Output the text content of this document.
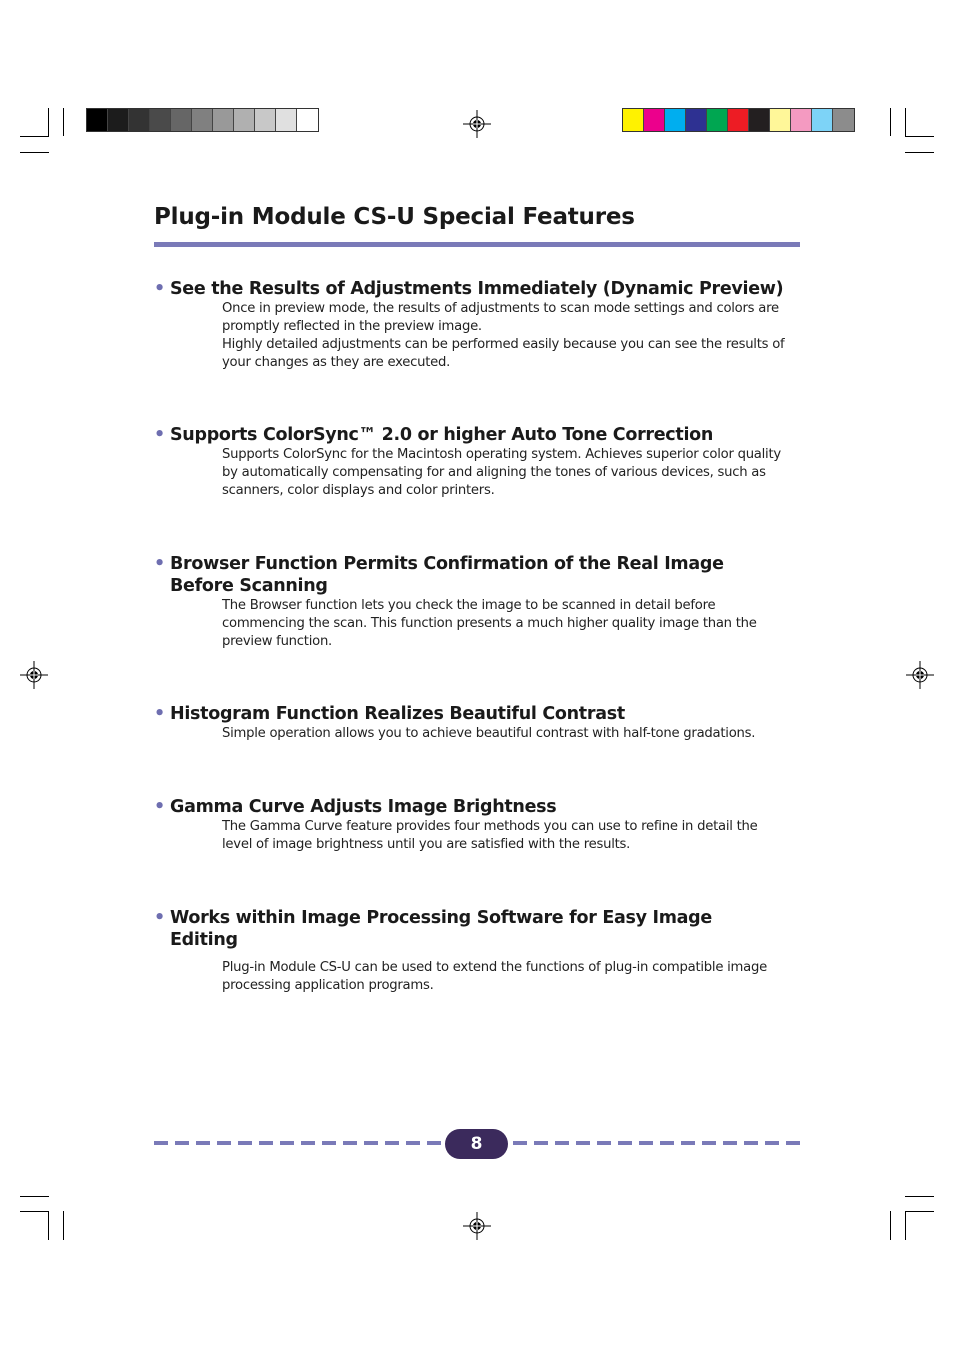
Plug-in Module CS-U Special Features
• See the Results of Adjustments Immediately (Dynamic Preview)

Once in preview mode, the results of adjustments to scan mode settings and colors are
promptly reflected in the preview image.
Highly detailed adjustments can be performed easily because you can see the results of
your changes as they are executed.

• Supports ColorSync™ 2.0 or higher Auto Tone Correction

Supports ColorSync for the Macintosh operating system. Achieves superior color quality
by automatically compensating for and aligning the tones of various devices, such as
scanners, color displays and color printers.

• Browser Function Permits Confirmation of the Real Image
Before Scanning

The Browser function lets you check the image to be scanned in detail before
commencing the scan. This function presents a much higher quality image than the
preview function.

• Histogram Function Realizes Beautiful Contrast

Simple operation allows you to achieve beautiful contrast with half-tone gradations.

• Gamma Curve Adjusts Image Brightness

The Gamma Curve feature provides four methods you can use to refine in detail the
level of image brightness until you are satisfied with the results.

• Works within Image Processing Software for Easy Image
Editing

Plug-in Module CS-U can be used to extend the functions of plug-in compatible image
processing application programs.

8
